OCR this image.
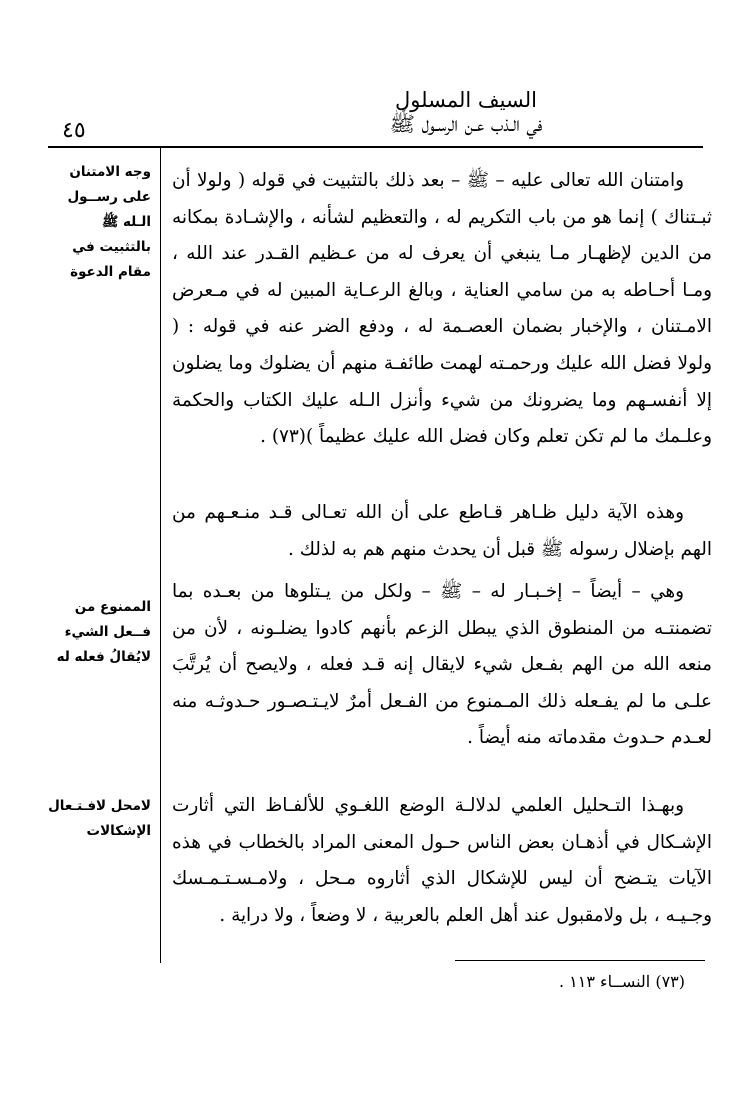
السيف المسلول
في الـذب عـن الرسـول ﷺ
٤٥
وجه الامتنان على رســول الـله ﷺ بالتثبيت في مقام الدعوة
الممنوع من فــعل الشيء لايُقالُ فعله له
لامحل لافـتـعال الإشكالات

وامتنان الله تعالى عليه – ﷺ – بعد ذلك بالتثبيت في قوله ( ولولا أن ثبـتناك ) إنما هو من باب التكريم له ، والتعظيم لشأنه ، والإشـادة بمكانه من الدين لإظهـار مـا ينبغي أن يعرف له من عـظيم القـدر عند الله ، ومـا أحـاطه به من سامي العناية ، وبالغ الرعـاية المبين له في مـعرض الامـتنان ، والإخبار بضمان العصـمة له ، ودفع الضر عنه في قوله : ( ولولا فضل الله عليك ورحمـته لهمت طائفـة منهم أن يضلوك وما يضلون إلا أنفسـهم وما يضرونك من شيء وأنزل الـله عليك الكتاب والحكمة وعلـمك ما لم تكن تعلم وكان فضل الله عليك عظيماً )(٧٣) .

وهذه الآية دليل ظـاهر قـاطع على أن الله تعـالى قـد منـعـهم من الهم بإضلال رسوله ﷺ قبل أن يحدث منهم هم به لذلك .

وهي – أيضاً – إخـبـار له – ﷺ – ولكل من يـتلوها من بعـده بما تضمنتـه من المنطوق الذي يبطل الزعم بأنهم كادوا يضلـونه ، لأن من منعه الله من الهم بفـعل شيء لايقال إنه قـد فعله ، ولايصح أن يُرتَّبَ علـى ما لم يفـعله ذلك المـمنوع من الفـعل أمرٌ لايـتـصـور حـدوثـه منه لعـدم حـدوث مقدماته منه أيضاً .

وبهـذا التـحليل العلمي لدلالـة الوضع اللغـوي للألفـاظ التي أثارت الإشـكال في أذهـان بعض الناس حـول المعنى المراد بالخطاب في هذه الآيات يتـضح أن ليس للإشكال الذي أثاروه مـحل ، ولامـسـتـمـسك وجـيـه ، بل ولامقبول عند أهل العلم بالعربية ، لا وضعاً ، ولا دراية .

(٧٣) النســاء ١١٣ .
